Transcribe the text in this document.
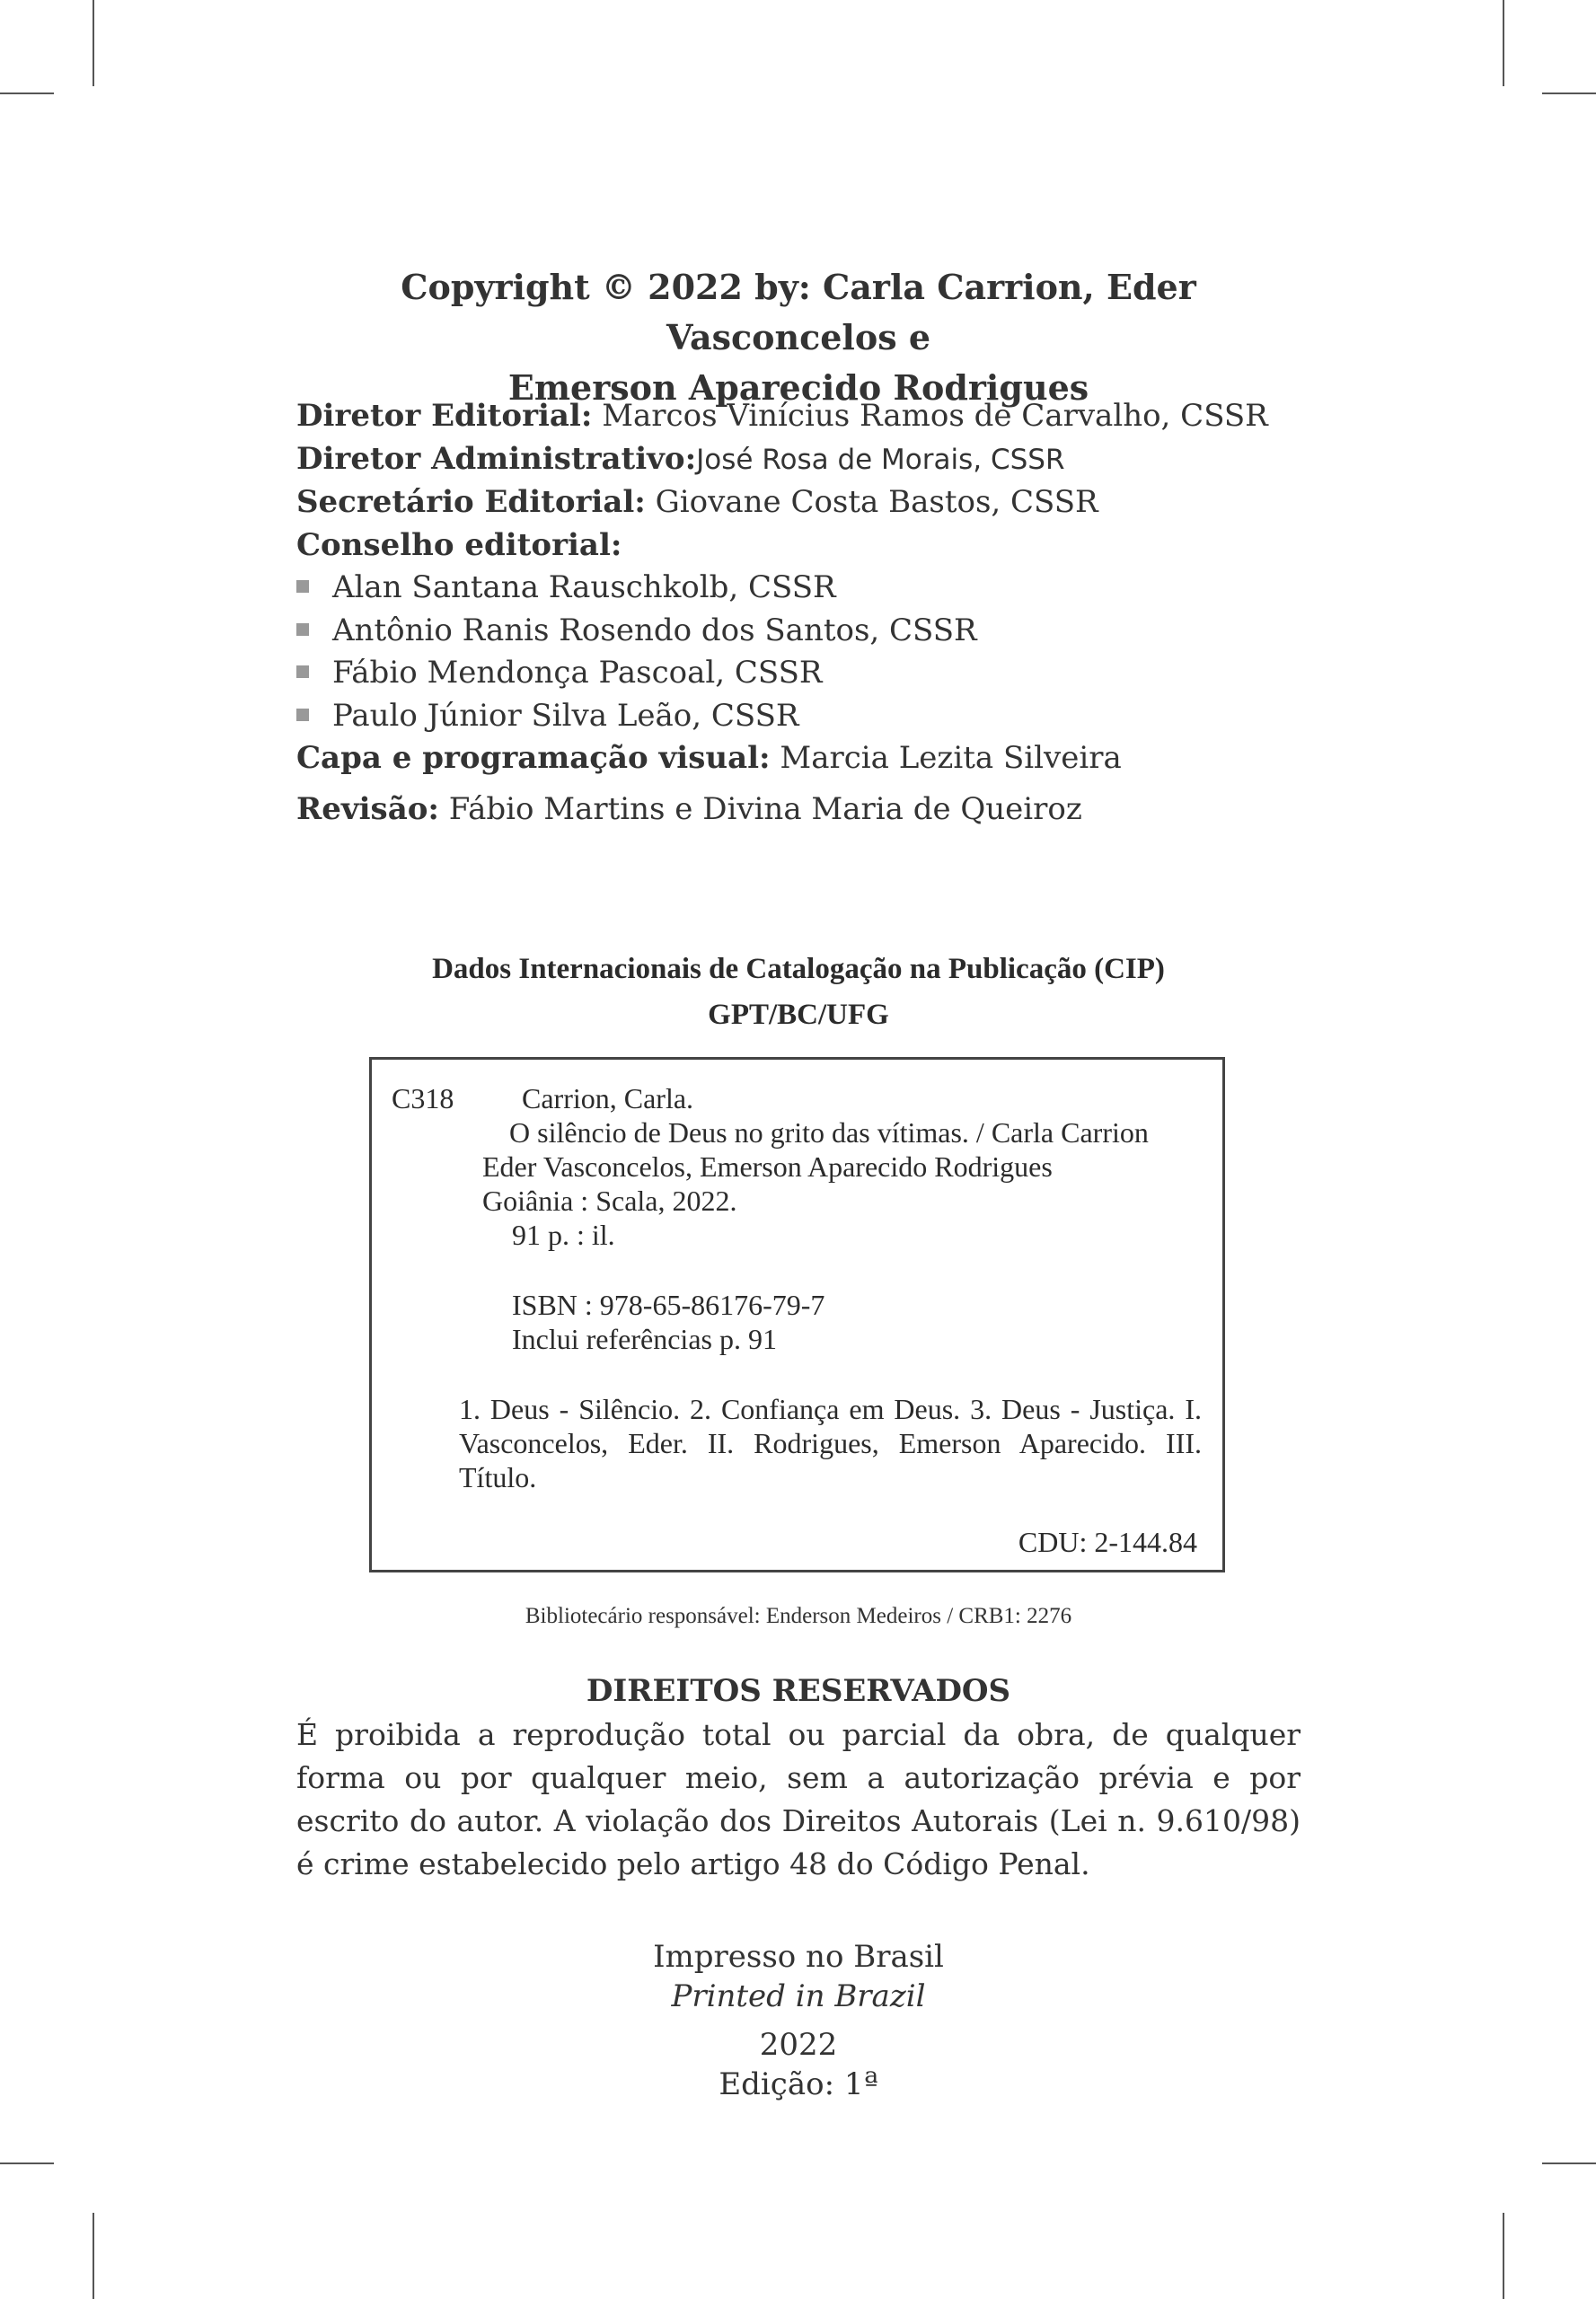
Copyright © 2022 by: Carla Carrion, Eder Vasconcelos e
Emerson Aparecido Rodrigues
Diretor Editorial: Marcos Vinícius Ramos de Carvalho, CSSR
Diretor Administrativo:José Rosa de Morais, CSSR
Secretário Editorial: Giovane Costa Bastos, CSSR
Conselho editorial:
Alan Santana Rauschkolb, CSSR
Antônio Ranis Rosendo dos Santos, CSSR
Fábio Mendonça Pascoal, CSSR
Paulo Júnior Silva Leão, CSSR
Capa e programação visual: Marcia Lezita Silveira
Revisão: Fábio Martins e Divina Maria de Queiroz
Dados Internacionais de Catalogação na Publicação (CIP)
GPT/BC/UFG
C318 Carrion, Carla.
O silêncio de Deus no grito das vítimas. / Carla Carrion
Eder Vasconcelos, Emerson Aparecido Rodrigues
Goiânia : Scala, 2022.
91 p. : il.
ISBN : 978-65-86176-79-7
Inclui referências p. 91
1. Deus - Silêncio. 2. Confiança em Deus. 3. Deus - Justiça. I. Vasconcelos, Eder. II. Rodrigues, Emerson Aparecido. III. Título.
CDU: 2-144.84
Bibliotecário responsável: Enderson Medeiros / CRB1: 2276
DIREITOS RESERVADOS
É proibida a reprodução total ou parcial da obra, de qualquer forma ou por qualquer meio, sem a autorização prévia e por escrito do autor. A violação dos Direitos Autorais (Lei n. 9.610/98) é crime estabelecido pelo artigo 48 do Código Penal.
Impresso no Brasil
Printed in Brazil
2022
Edição: 1ª
